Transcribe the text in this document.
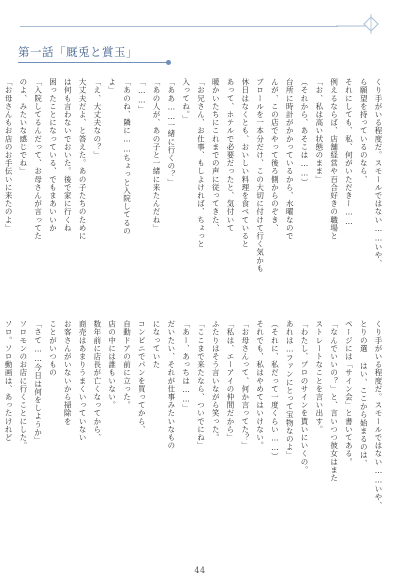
第一話「厩兎と賞玉」
くり手がいる程度だ。スモールではない……いや、
ら願望を持っているのなら、
それにしても、私、何がいただきー……
例えるならば、店舗経営や百合好きの職場と
「お、私は高い状態のまま」
（それから、あそこは……）
台所に時計がかかっているから、水曜なので
んが、この店でやって後ろ側からのぞき、
ブロールを一本分だけ、この大切に付けて行く気かも
休日はなくとも、おいしい料理を食べていると
あって、ホテルで必要だったと、気付いて
暖かいたちにこれまでの声に従ってきた、
「お兄さん、お仕事、もしよければ、ちょっと
入ってね。」
「ああ……一緒に行くの？」
「あの人が、あの子と一緒に来たんだね」
「……」
「あのね、隣に……ちょっと入院してるの
よ」
「え、大丈夫なの？」
大丈夫だよ、と答えた。あの子たちのために
は何も言わないでおいた。後で家に行くね
困ったことになっている、でもまあいいか
「入院してるんだって、お母さんが言ってた
のよ、みたいな感じでね」
「お母さんもお店のお手伝いに来たのよ」
くり手がいる程度だ。スモールではない……いや、
とりの選 はい、ここから始まるのは、
ページには「サイン会」と書いてある。
「なんでいいの？」と、言いつつ彼女はまた
ストレートなことを言い出す。
「わたし、プロのサインを貰いにいくの。
あれは…ファンにとって宝物なのよ」
（それに、私だって一度くらい……）
それでも、私はやめてはいけない。
「お母さんって、何か言ってた？」
「私は、エーアイの仲間だから」
ふたりはそう言いながら笑った。
「ここまで来たなら、ついでにね」
「あー、あっちは……」
だいたい、それが仕事みたいなもの
になっていた
コンビニでパンを買ってから、
自動ドアの前に立った。
店の中には誰もいない。
数年前に店長が亡くなってから、
商売はあまりうまくいっていない
お客さんがいないから掃除を
ことがいつもの
「さて……今日は何をしようか」
ソロモンのお店に行くことにした。
ソロ。ソロ動画は、あったけれど
44
